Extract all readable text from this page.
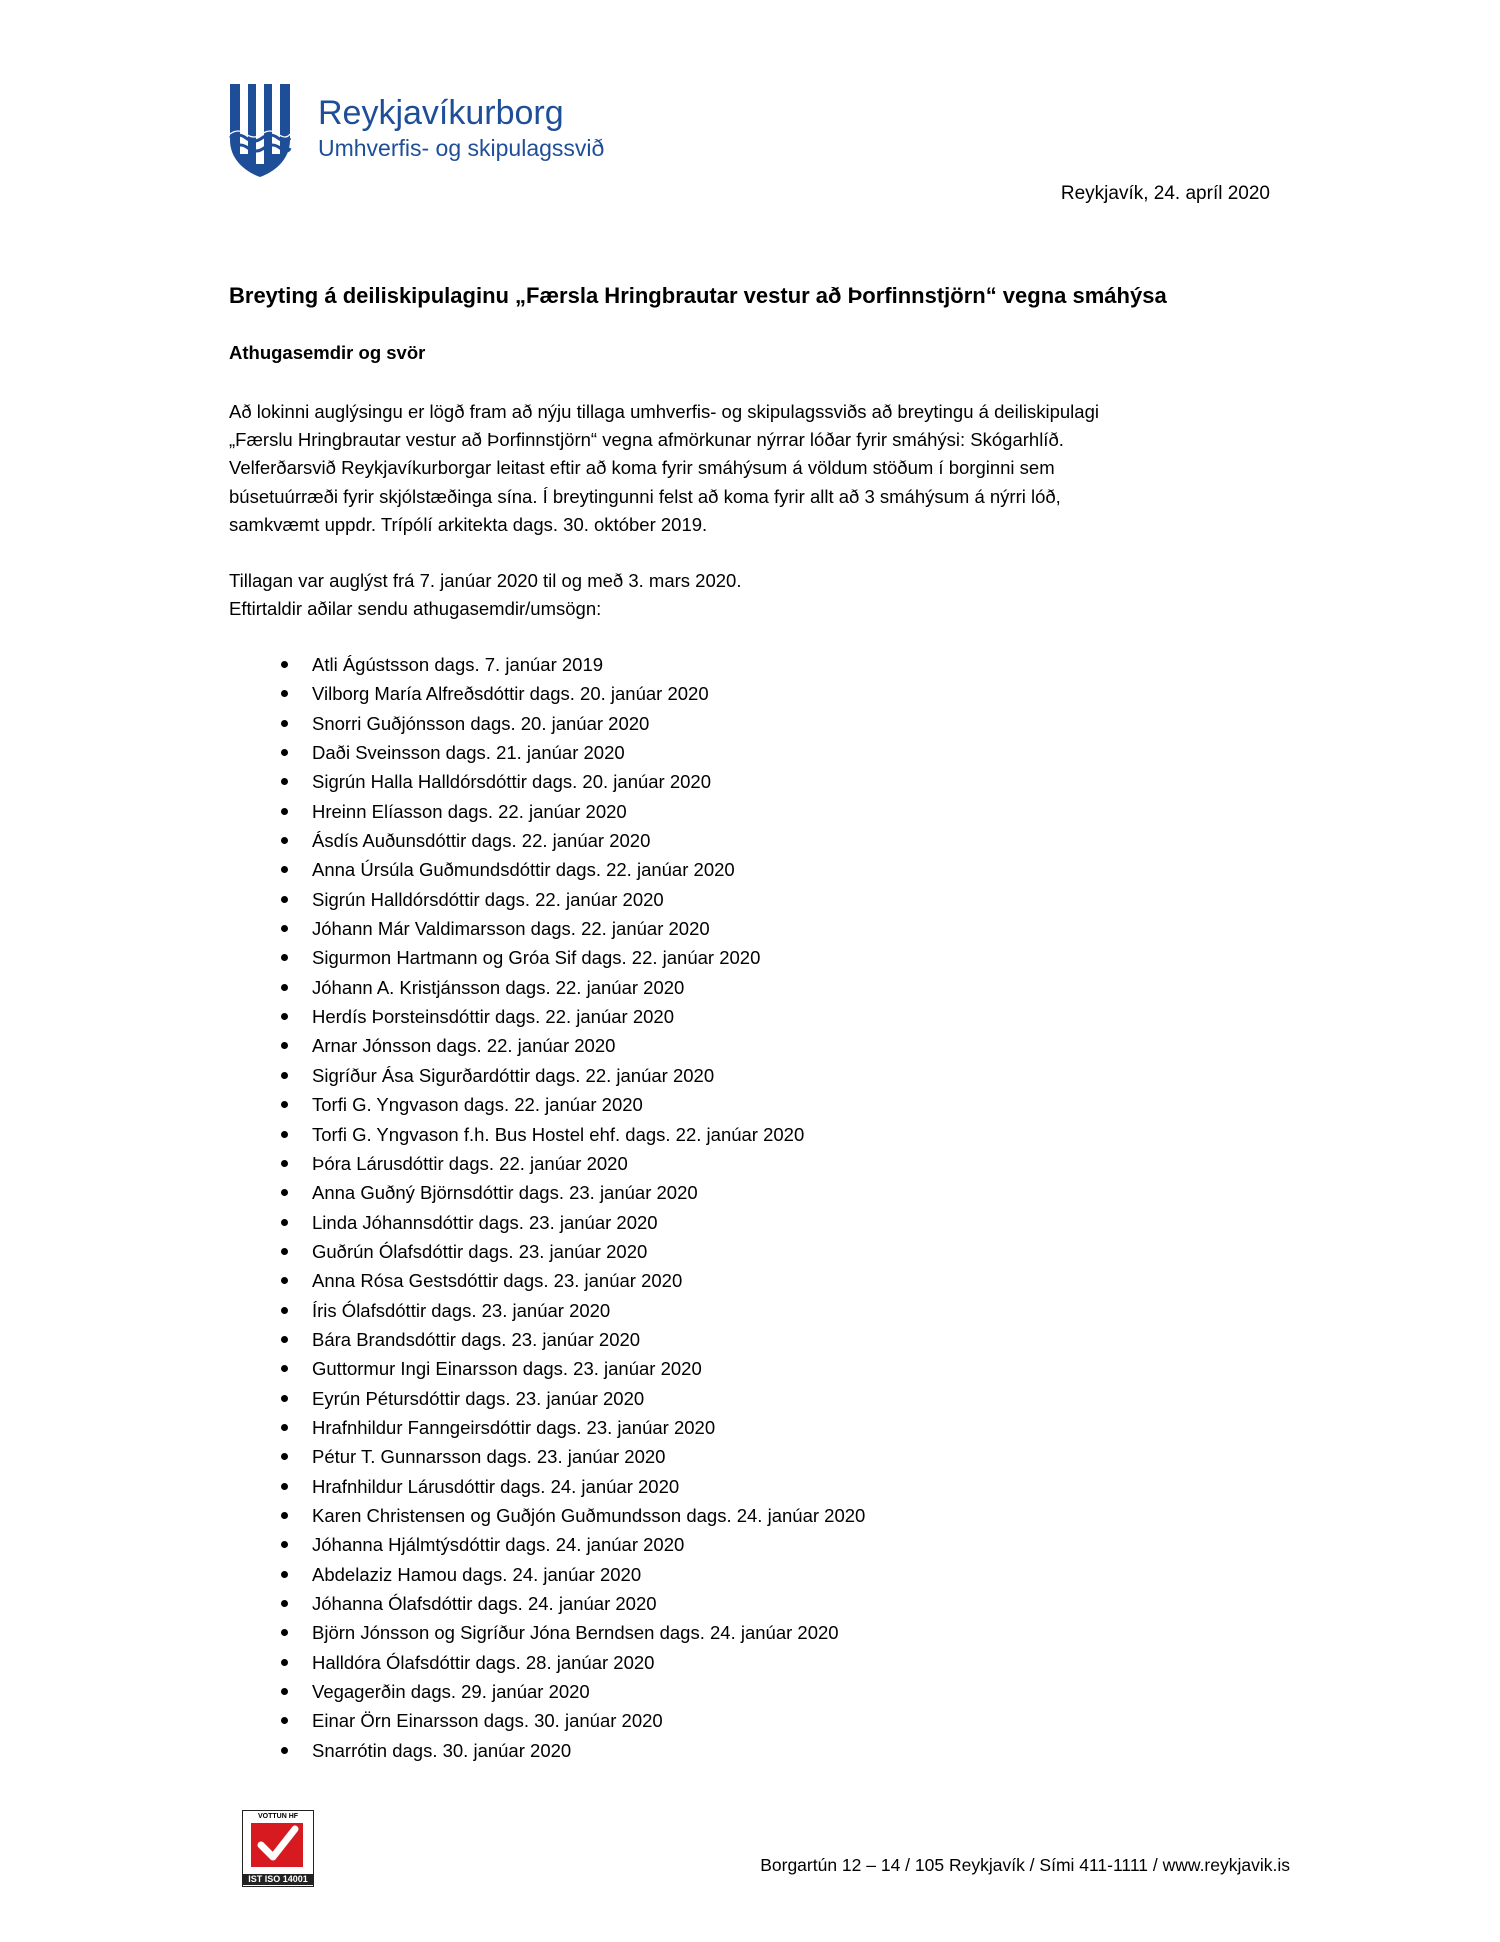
Reykjavíkurborg
Umhverfis- og skipulagssvið
Reykjavík, 24. apríl 2020
Breyting á deiliskipulaginu „Færsla Hringbrautar vestur að Þorfinnstjörn“ vegna smáhýsa
Athugasemdir og svör
Að lokinni auglýsingu er lögð fram að nýju tillaga umhverfis- og skipulagssviðs að breytingu á deiliskipulagi
„Færslu Hringbrautar vestur að Þorfinnstjörn“ vegna afmörkunar nýrrar lóðar fyrir smáhýsi: Skógarhlíð.
Velferðarsvið Reykjavíkurborgar leitast eftir að koma fyrir smáhýsum á völdum stöðum í borginni sem
búsetuúrræði fyrir skjólstæðinga sína. Í breytingunni felst að koma fyrir allt að 3 smáhýsum á nýrri lóð,
samkvæmt uppdr. Trípólí arkitekta dags. 30. október 2019.
Tillagan var auglýst frá 7. janúar 2020 til og með 3. mars 2020.
Eftirtaldir aðilar sendu athugasemdir/umsögn:
Atli Ágústsson dags. 7. janúar 2019
Vilborg María Alfreðsdóttir dags. 20. janúar 2020
Snorri Guðjónsson dags. 20. janúar 2020
Daði Sveinsson dags. 21. janúar 2020
Sigrún Halla Halldórsdóttir dags. 20. janúar 2020
Hreinn Elíasson dags. 22. janúar 2020
Ásdís Auðunsdóttir dags. 22. janúar 2020
Anna Úrsúla Guðmundsdóttir dags. 22. janúar 2020
Sigrún Halldórsdóttir dags. 22. janúar 2020
Jóhann Már Valdimarsson dags. 22. janúar 2020
Sigurmon Hartmann og Gróa Sif dags. 22. janúar 2020
Jóhann A. Kristjánsson dags. 22. janúar 2020
Herdís Þorsteinsdóttir dags. 22. janúar 2020
Arnar Jónsson dags. 22. janúar 2020
Sigríður Ása Sigurðardóttir dags. 22. janúar 2020
Torfi G. Yngvason dags. 22. janúar 2020
Torfi G. Yngvason f.h. Bus Hostel ehf. dags. 22. janúar 2020
Þóra Lárusdóttir dags. 22. janúar 2020
Anna Guðný Björnsdóttir dags. 23. janúar 2020
Linda Jóhannsdóttir dags. 23. janúar 2020
Guðrún Ólafsdóttir dags. 23. janúar 2020
Anna Rósa Gestsdóttir dags. 23. janúar 2020
Íris Ólafsdóttir dags. 23. janúar 2020
Bára Brandsdóttir dags. 23. janúar 2020
Guttormur Ingi Einarsson dags. 23. janúar 2020
Eyrún Pétursdóttir dags. 23. janúar 2020
Hrafnhildur Fanngeirsdóttir dags. 23. janúar 2020
Pétur T. Gunnarsson dags. 23. janúar 2020
Hrafnhildur Lárusdóttir dags. 24. janúar 2020
Karen Christensen og Guðjón Guðmundsson dags. 24. janúar 2020
Jóhanna Hjálmtýsdóttir dags. 24. janúar 2020
Abdelaziz Hamou dags. 24. janúar 2020
Jóhanna Ólafsdóttir dags. 24. janúar 2020
Björn Jónsson og Sigríður Jóna Berndsen dags. 24. janúar 2020
Halldóra Ólafsdóttir dags. 28. janúar 2020
Vegagerðin dags. 29. janúar 2020
Einar Örn Einarsson dags. 30. janúar 2020
Snarrótin dags. 30. janúar 2020
VOTTUN HF
IST ISO 14001
Borgartún 12 – 14 / 105 Reykjavík / Sími 411-1111 / www.reykjavik.is
